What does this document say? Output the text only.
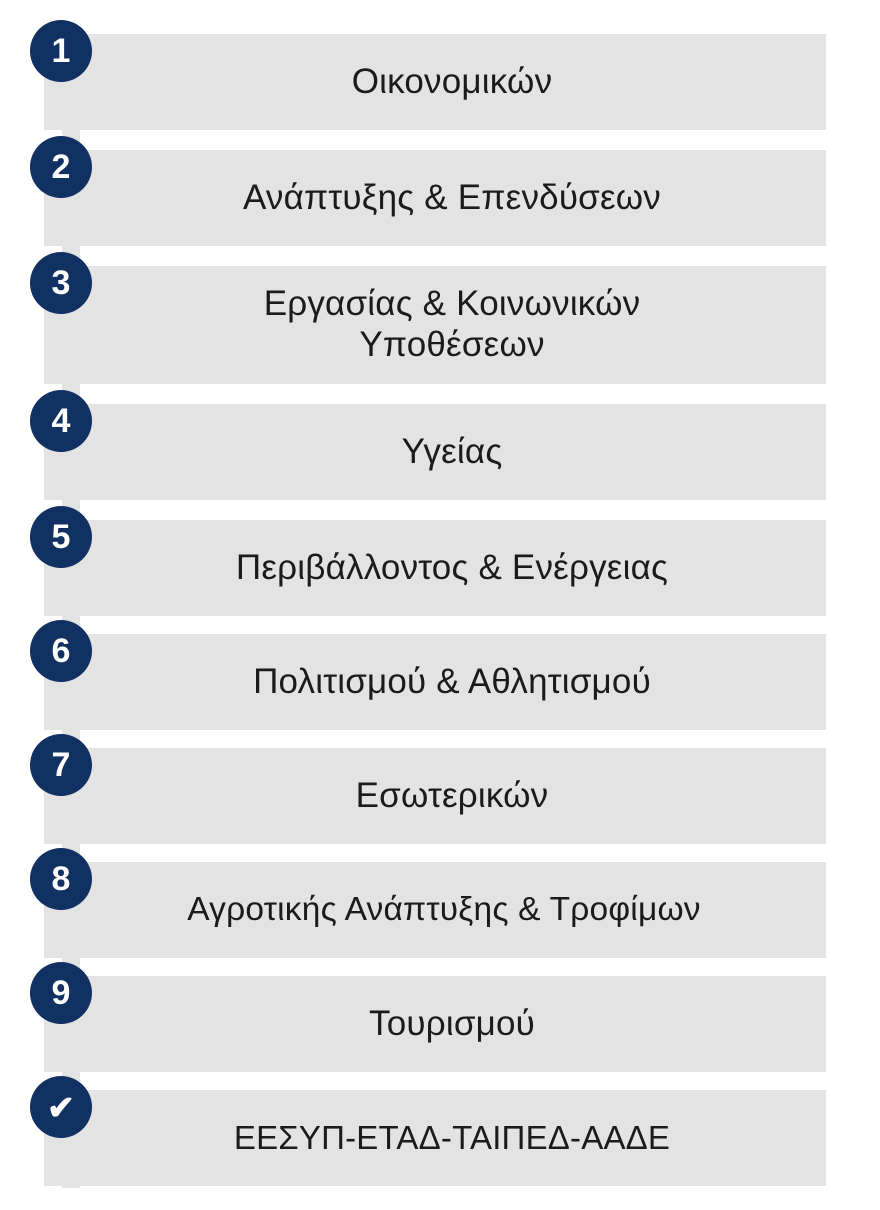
1
Οικονομικών
2
Ανάπτυξης & Επενδύσεων
3
Εργασίας & Κοινωνικών
Υποθέσεων
4
Υγείας
5
Περιβάλλοντος & Ενέργειας
6
Πολιτισμού & Αθλητισμού
7
Εσωτερικών
8
Αγροτικής Ανάπτυξης & Τροφίμων
9
Τουρισμού
✔
ΕΕΣΥΠ-ΕΤΑΔ-ΤΑΙΠΕΔ-ΑΑΔΕ
